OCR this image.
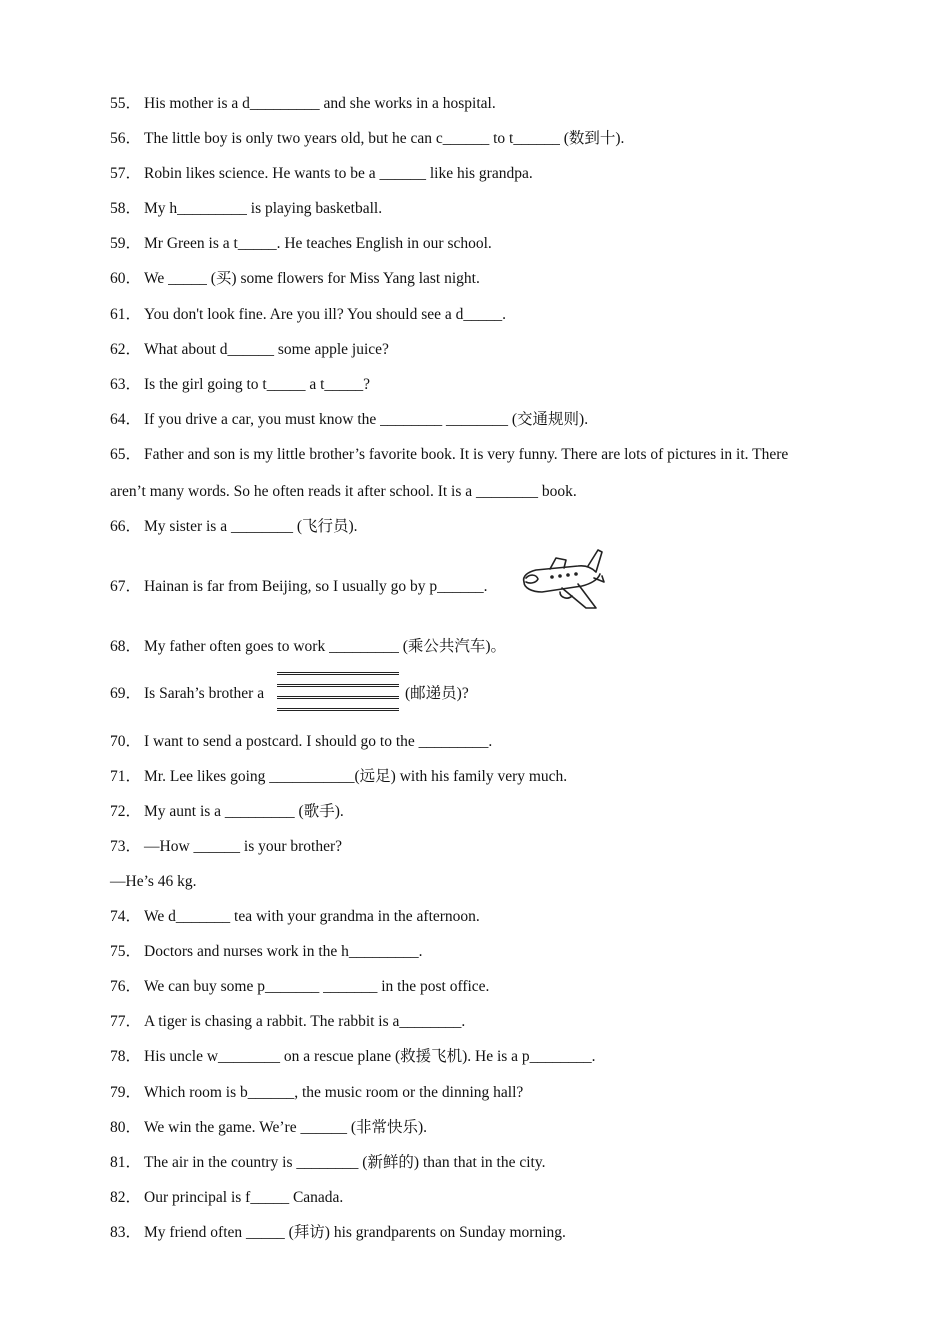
55． His mother is a d_________ and she works in a hospital.
56． The little boy is only two years old, but he can c______ to t______ (数到十).
57． Robin likes science. He wants to be a ______ like his grandpa.
58． My h_________ is playing basketball.
59． Mr Green is a t_____. He teaches English in our school.
60． We _____ (买) some flowers for Miss Yang last night.
61． You don't look fine. Are you ill? You should see a d_____.
62． What about d______ some apple juice?
63． Is the girl going to t_____ a t_____?
64． If you drive a car, you must know the ________ ________ (交通规则).
65． Father and son is my little brother’s favorite book. It is very funny. There are lots of pictures in it. There
aren’t many words. So he often reads it after school. It is a ________ book.
66． My sister is a ________ (飞行员).
67． Hainan is far from Beijing, so I usually go by p______.
68． My father often goes to work _________ (乘公共汽车)。
69． Is Sarah’s brother a	(邮递员)?
70． I want to send a postcard. I should go to the _________.
71． Mr. Lee likes going ___________(远足) with his family very much.
72． My aunt is a _________ (歌手).
73． —How ______ is your brother?
—He’s 46 kg.
74． We d_______ tea with your grandma in the afternoon.
75． Doctors and nurses work in the h_________.
76． We can buy some p_______ _______ in the post office.
77． A tiger is chasing a rabbit. The rabbit is a________.
78． His uncle w________ on a rescue plane (救援飞机). He is a p________.
79． Which room is b______, the music room or the dinning hall?
80． We win the game. We’re ______ (非常快乐).
81． The air in the country is ________ (新鲜的) than that in the city.
82． Our principal is f_____ Canada.
83． My friend often _____ (拜访) his grandparents on Sunday morning.
